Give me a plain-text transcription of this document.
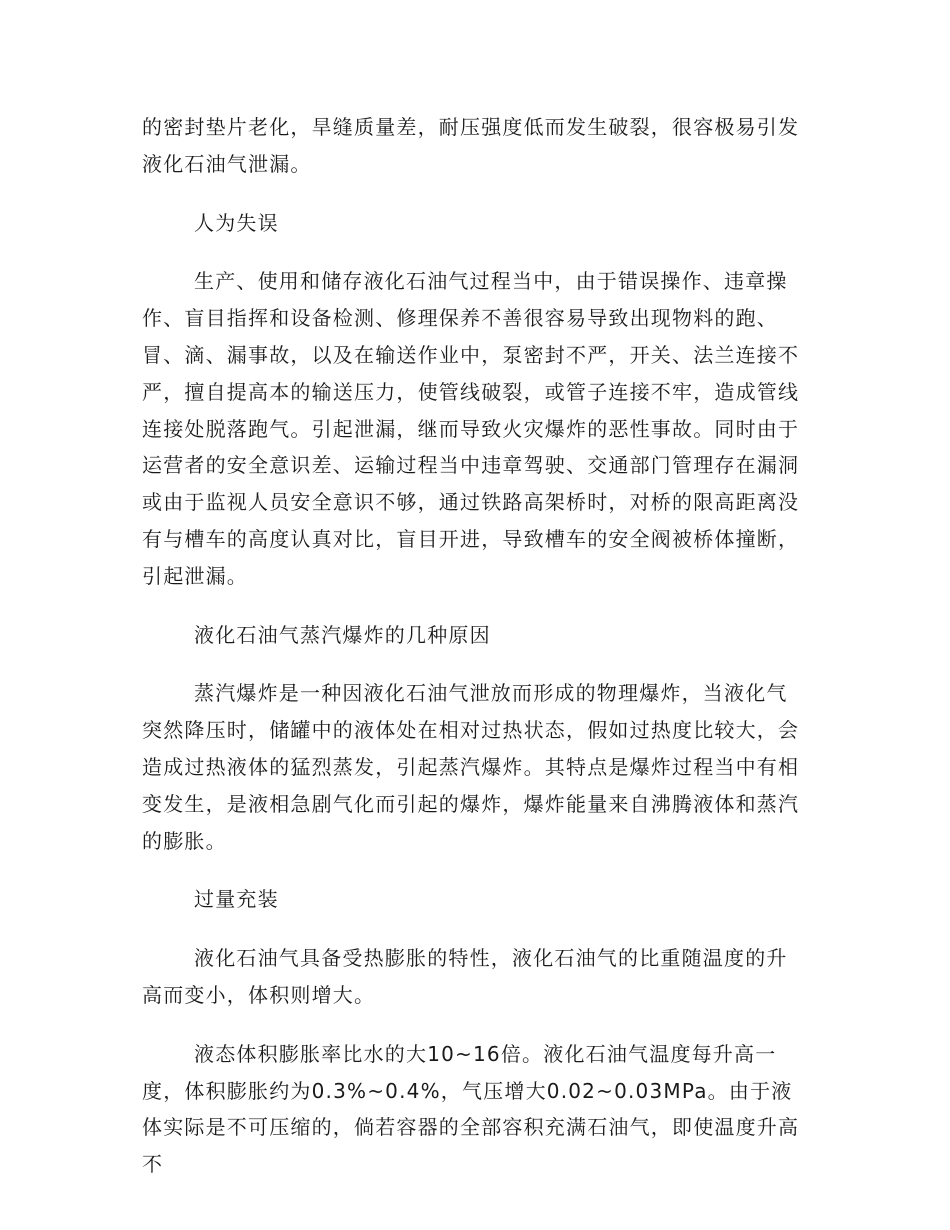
的密封垫片老化，旱缝质量差，耐压强度低而发生破裂，很容极易引发液化石油气泄漏。

人为失误

生产、使用和储存液化石油气过程当中，由于错误操作、违章操作、盲目指挥和设备检测、修理保养不善很容易导致出现物料的跑、冒、滴、漏事故，以及在输送作业中，泵密封不严，开关、法兰连接不严，擅自提高本的输送压力，使管线破裂，或管子连接不牢，造成管线连接处脱落跑气。引起泄漏，继而导致火灾爆炸的恶性事故。同时由于运营者的安全意识差、运输过程当中违章驾驶、交通部门管理存在漏洞或由于监视人员安全意识不够，通过铁路高架桥时，对桥的限高距离没有与槽车的高度认真对比，盲目开进，导致槽车的安全阀被桥体撞断，引起泄漏。

液化石油气蒸汽爆炸的几种原因

蒸汽爆炸是一种因液化石油气泄放而形成的物理爆炸，当液化气突然降压时，储罐中的液体处在相对过热状态，假如过热度比较大，会造成过热液体的猛烈蒸发，引起蒸汽爆炸。其特点是爆炸过程当中有相变发生，是液相急剧气化而引起的爆炸，爆炸能量来自沸腾液体和蒸汽的膨胀。

过量充装

液化石油气具备受热膨胀的特性，液化石油气的比重随温度的升高而变小，体积则增大。

液态体积膨胀率比水的大10~16倍。液化石油气温度每升高一度，体积膨胀约为0.3%~0.4%，气压增大0.02~0.03MPa。由于液体实际是不可压缩的，倘若容器的全部容积充满石油气，即使温度升高不
